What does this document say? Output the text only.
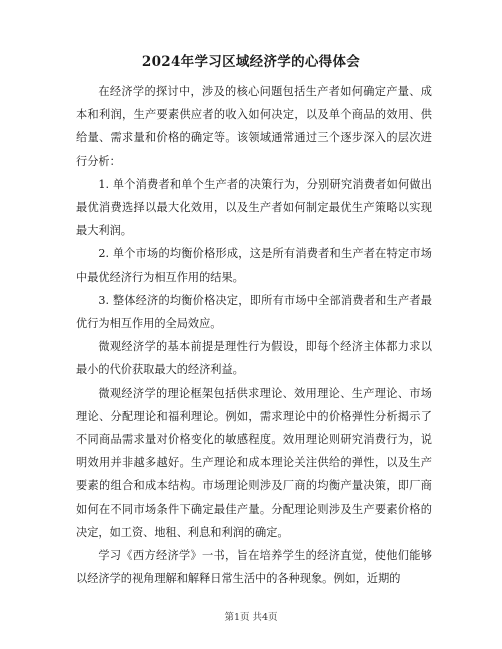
2024年学习区域经济学的心得体会

在经济学的探讨中，涉及的核心问题包括生产者如何确定产量、成本和利润，生产要素供应者的收入如何决定，以及单个商品的效用、供给量、需求量和价格的确定等。该领域通常通过三个逐步深入的层次进行分析：

1. 单个消费者和单个生产者的决策行为，分别研究消费者如何做出最优消费选择以最大化效用，以及生产者如何制定最优生产策略以实现最大利润。

2. 单个市场的均衡价格形成，这是所有消费者和生产者在特定市场中最优经济行为相互作用的结果。

3. 整体经济的均衡价格决定，即所有市场中全部消费者和生产者最优行为相互作用的全局效应。

微观经济学的基本前提是理性行为假设，即每个经济主体都力求以最小的代价获取最大的经济利益。

微观经济学的理论框架包括供求理论、效用理论、生产理论、市场理论、分配理论和福利理论。例如，需求理论中的价格弹性分析揭示了不同商品需求量对价格变化的敏感程度。效用理论则研究消费行为，说明效用并非越多越好。生产理论和成本理论关注供给的弹性，以及生产要素的组合和成本结构。市场理论则涉及厂商的均衡产量决策，即厂商如何在不同市场条件下确定最佳产量。分配理论则涉及生产要素价格的决定，如工资、地租、利息和利润的确定。

学习《西方经济学》一书，旨在培养学生的经济直觉，使他们能够以经济学的视角理解和解释日常生活中的各种现象。例如，近期的

第1页 共4页
